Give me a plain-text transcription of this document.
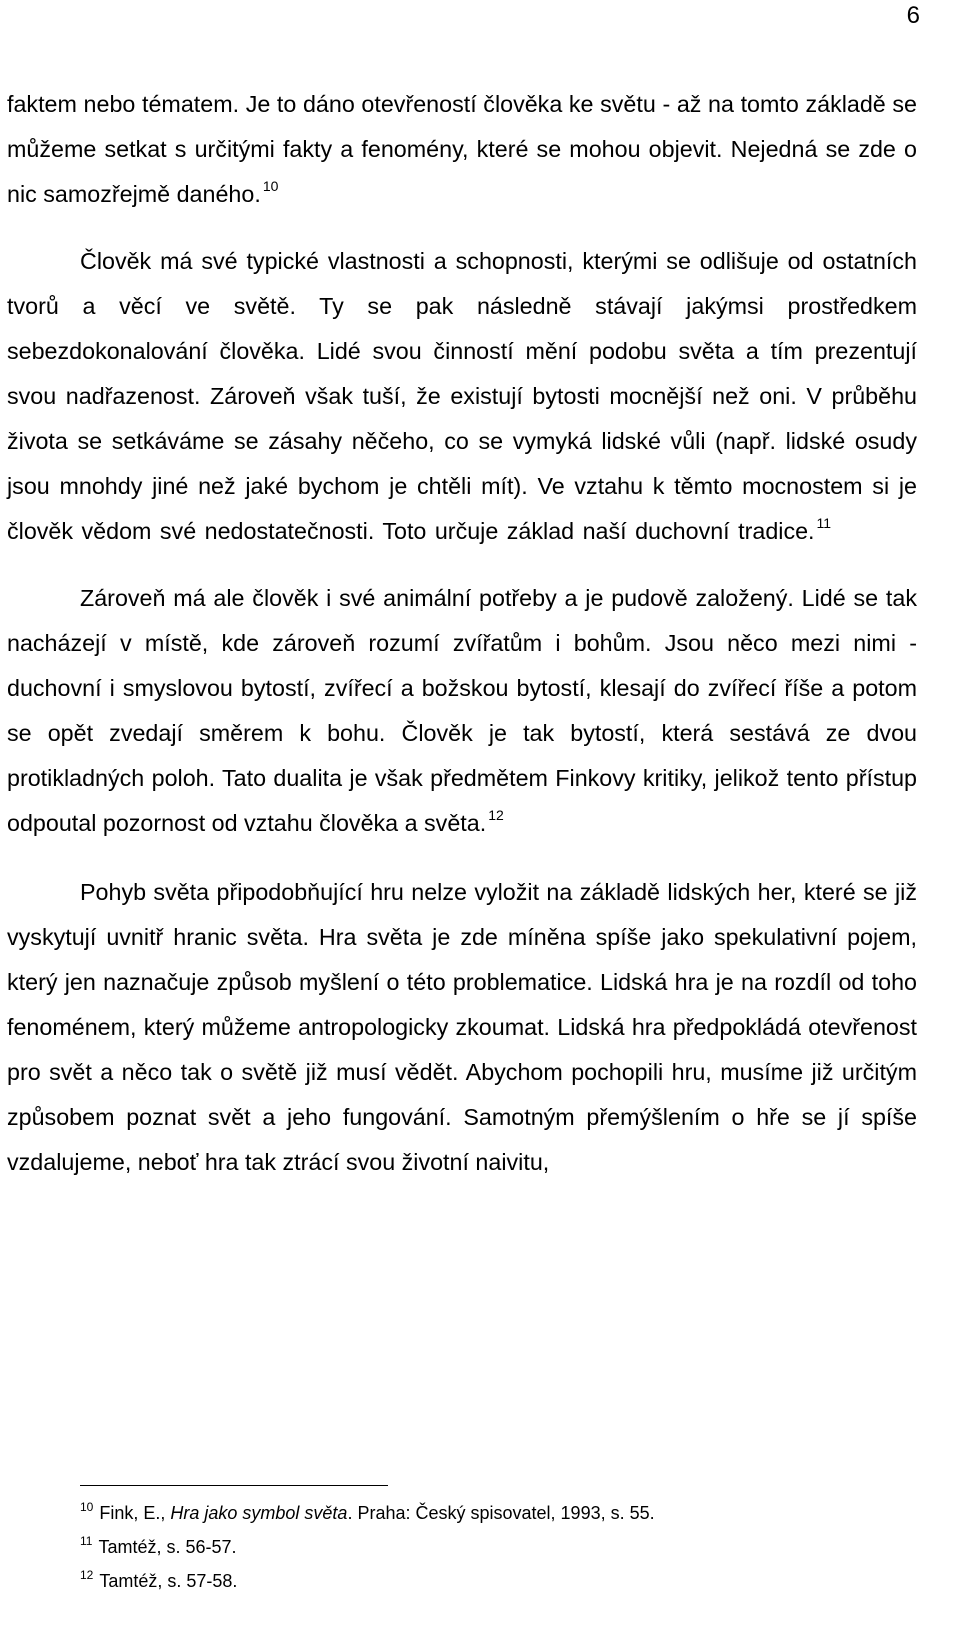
6

faktem nebo tématem. Je to dáno otevřeností člověka ke světu - až na tomto základě se můžeme setkat s určitými fakty a fenomény, které se mohou objevit. Nejedná se zde o nic samozřejmě daného. $^{10}$

Člověk má své typické vlastnosti a schopnosti, kterými se odlišuje od ostatních tvorů a věcí ve světě. Ty se pak následně stávají jakýmsi prostředkem sebezdokonalování člověka. Lidé svou činností mění podobu světa a tím prezentují svou nadřazenost. Zároveň však tuší, že existují bytosti mocnější než oni. V průběhu života se setkáváme se zásahy něčeho, co se vymyká lidské vůli (např. lidské osudy jsou mnohdy jiné než jaké bychom je chtěli mít). Ve vztahu k těmto mocnostem si je člověk vědom své nedostatečnosti. Toto určuje základ naší duchovní tradice. $^{11}$

Zároveň má ale člověk i své animální potřeby a je pudově založený. Lidé se tak nacházejí v místě, kde zároveň rozumí zvířatům i bohům. Jsou něco mezi nimi - duchovní i smyslovou bytostí, zvířecí a božskou bytostí, klesají do zvířecí říše a potom se opět zvedají směrem k bohu. Člověk je tak bytostí, která sestává ze dvou protikladných poloh. Tato dualita je však předmětem Finkovy kritiky, jelikož tento přístup odpoutal pozornost od vztahu člověka a světa. $^{12}$

Pohyb světa připodobňující hru nelze vyložit na základě lidských her, které se již vyskytují uvnitř hranic světa. Hra světa je zde míněna spíše jako spekulativní pojem, který jen naznačuje způsob myšlení o této problematice. Lidská hra je na rozdíl od toho fenoménem, který můžeme antropologicky zkoumat. Lidská hra předpokládá otevřenost pro svět a něco tak o světě již musí vědět. Abychom pochopili hru, musíme již určitým způsobem poznat svět a jeho fungování. Samotným přemýšlením o hře se jí spíše vzdalujeme, neboť hra tak ztrácí svou životní naivitu,

$^{10}$ Fink, E., Hra jako symbol světa. Praha: Český spisovatel, 1993, s. 55.
$^{11}$ Tamtéž, s. 56-57.
$^{12}$ Tamtéž, s. 57-58.
